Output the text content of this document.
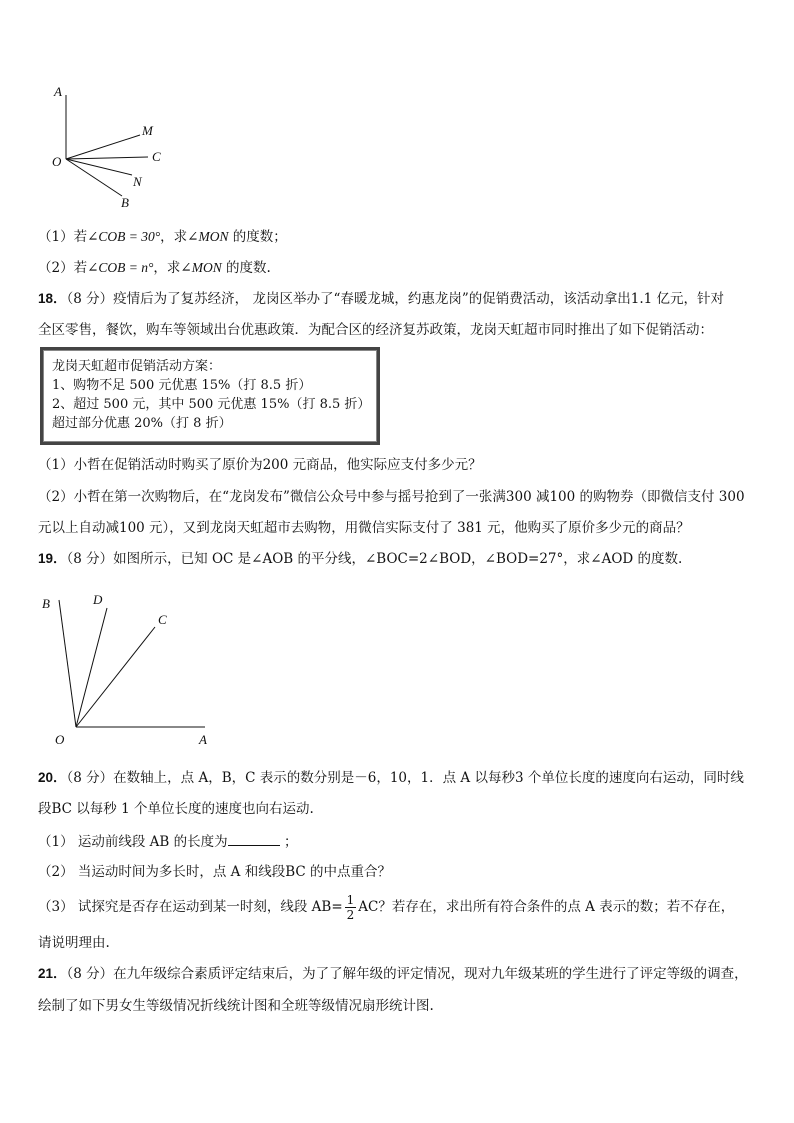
A
M
C
O
N
B
（1）若∠COB = 30°，求∠MON 的度数；
（2）若∠COB = n°，求∠MON 的度数.
18．（8 分）疫情后为了复苏经济， 龙岗区举办了“春暖龙城，约惠龙岗”的促销费活动，该活动拿出1.1 亿元，针对
全区零售，餐饮，购车等领域出台优惠政策．为配合区的经济复苏政策，龙岗天虹超市同时推出了如下促销活动：
龙岗天虹超市促销活动方案：
1、购物不足 500 元优惠 15%（打 8.5 折）
2、超过 500 元，其中 500 元优惠 15%（打 8.5 折）
超过部分优惠 20%（打 8 折）
（1）小哲在促销活动时购买了原价为200 元商品，他实际应支付多少元？
（2）小哲在第一次购物后，在“龙岗发布”微信公众号中参与摇号抢到了一张满300 减100 的购物券（即微信支付 300
元以上自动减100 元），又到龙岗天虹超市去购物，用微信实际支付了 381 元，他购买了原价多少元的商品？
19．（8 分）如图所示，已知 OC 是∠AOB 的平分线，∠BOC=2∠BOD，∠BOD=27°，求∠AOD 的度数.
B	D
C
O	A
20．（8 分）在数轴上，点 A，B，C 表示的数分别是－6，10，1．点 A 以每秒3 个单位长度的速度向右运动，同时线
段BC 以每秒 1 个单位长度的速度也向右运动.
（1） 运动前线段 AB 的长度为	；
（2） 当运动时间为多长时，点 A 和线段BC 的中点重合？
（3） 试探究是否存在运动到某一时刻，线段 $AB= \frac{1}{2}$ AC？若存在，求出所有符合条件的点 A 表示的数；若不存在，
请说明理由.
21．（8 分）在九年级综合素质评定结束后，为了了解年级的评定情况，现对九年级某班的学生进行了评定等级的调查，
绘制了如下男女生等级情况折线统计图和全班等级情况扇形统计图.
